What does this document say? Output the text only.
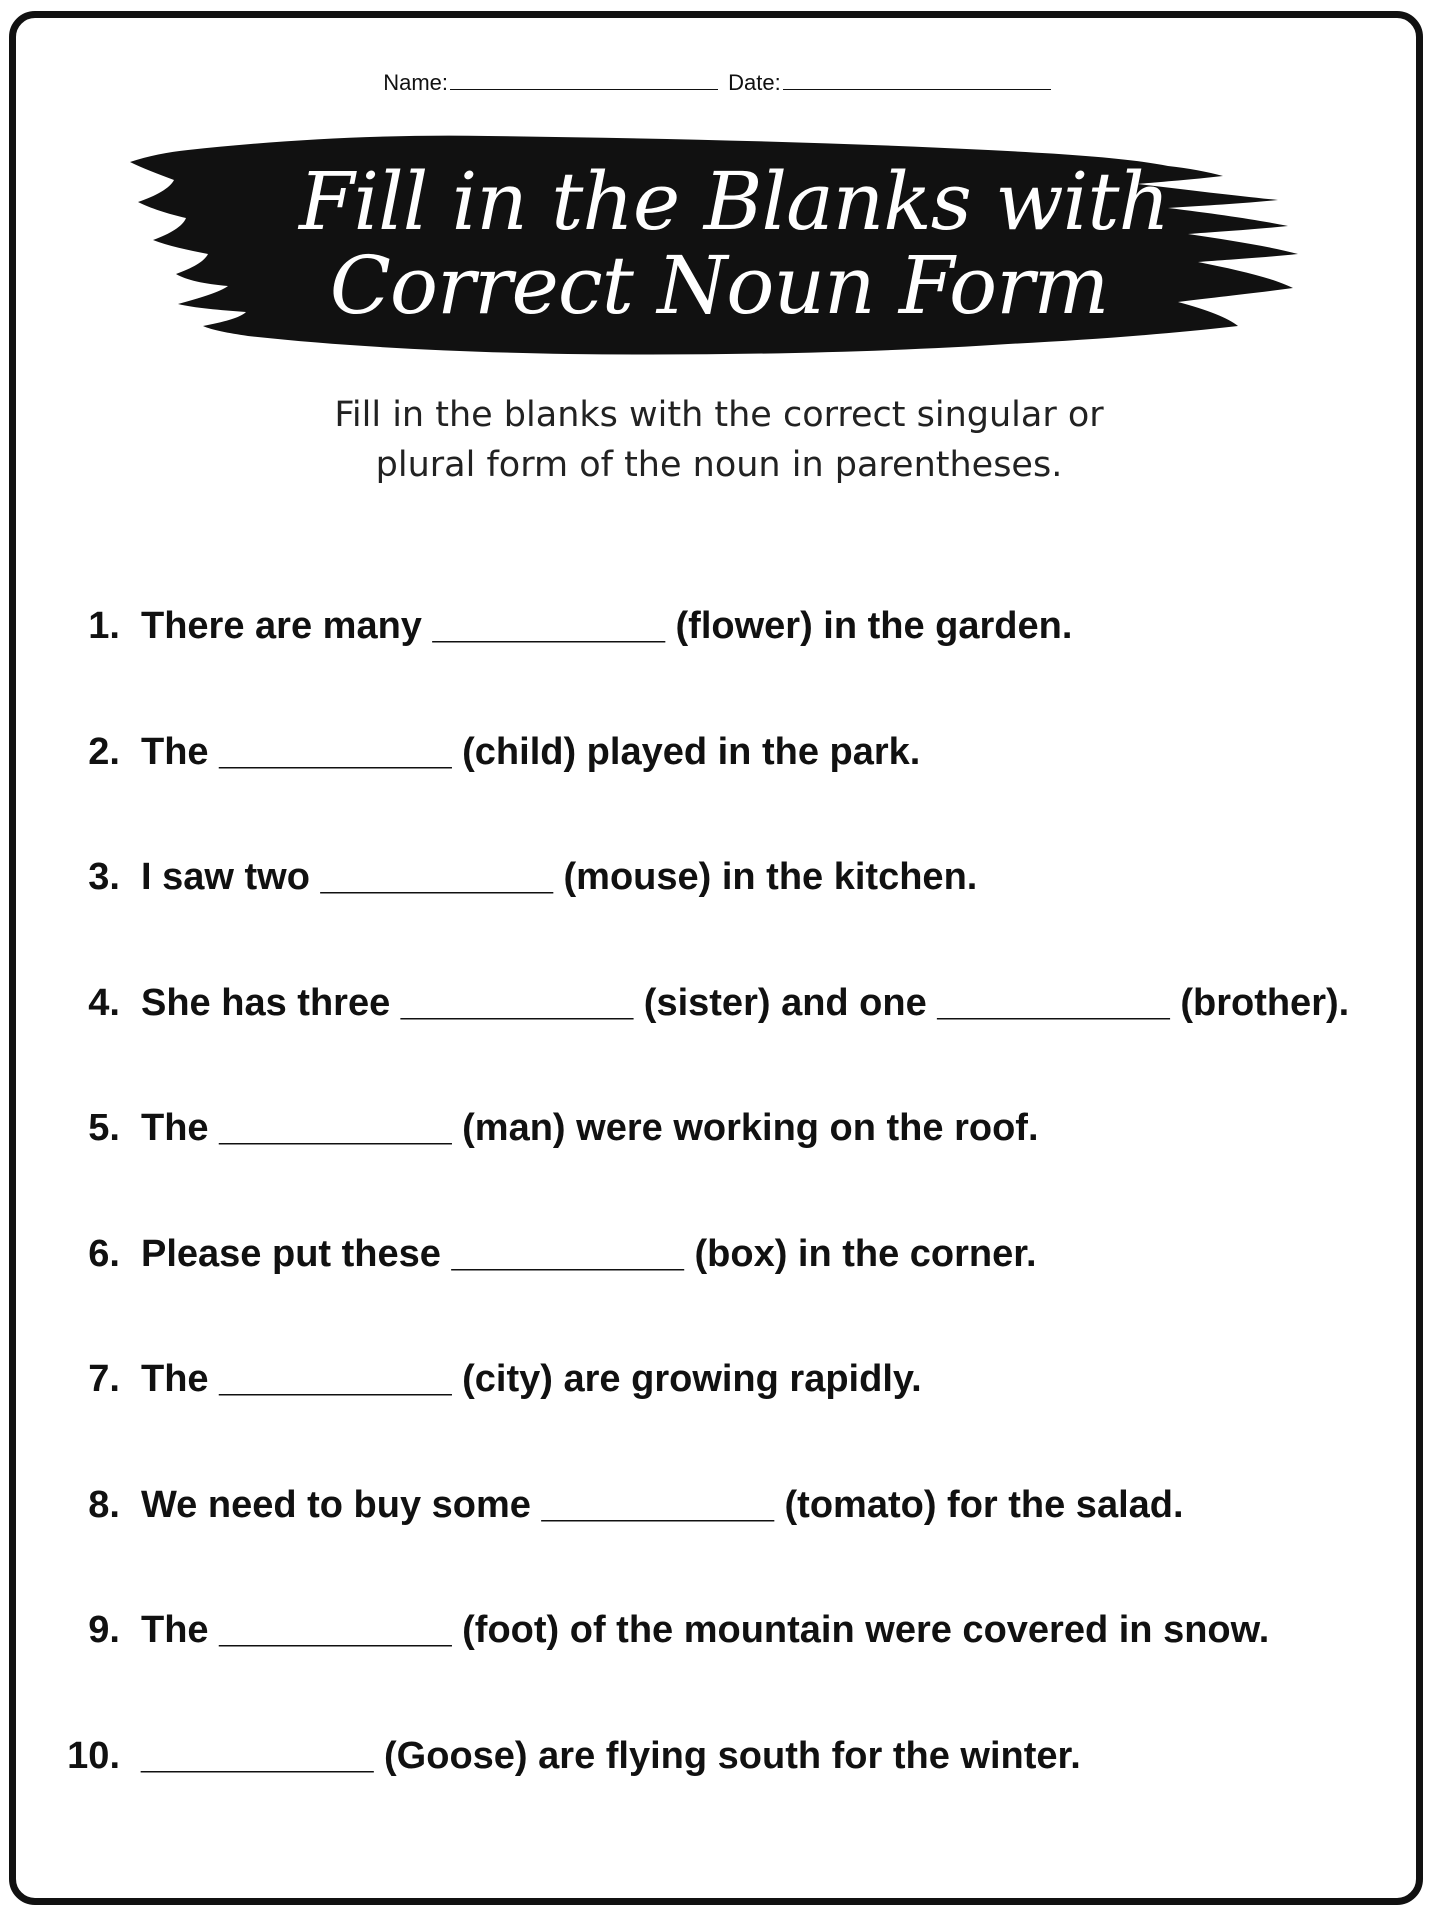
Name:	Date:
Fill in the Blanks with
Correct Noun Form
Fill in the blanks with the correct singular or
plural form of the noun in parentheses.
1. There are many ___________ (flower) in the garden.
2. The ___________ (child) played in the park.
3. I saw two ___________ (mouse) in the kitchen.
4. She has three ___________ (sister) and one ___________ (brother).
5. The ___________ (man) were working on the roof.
6. Please put these ___________ (box) in the corner.
7. The ___________ (city) are growing rapidly.
8. We need to buy some ___________ (tomato) for the salad.
9. The ___________ (foot) of the mountain were covered in snow.
10. ___________ (Goose) are flying south for the winter.
